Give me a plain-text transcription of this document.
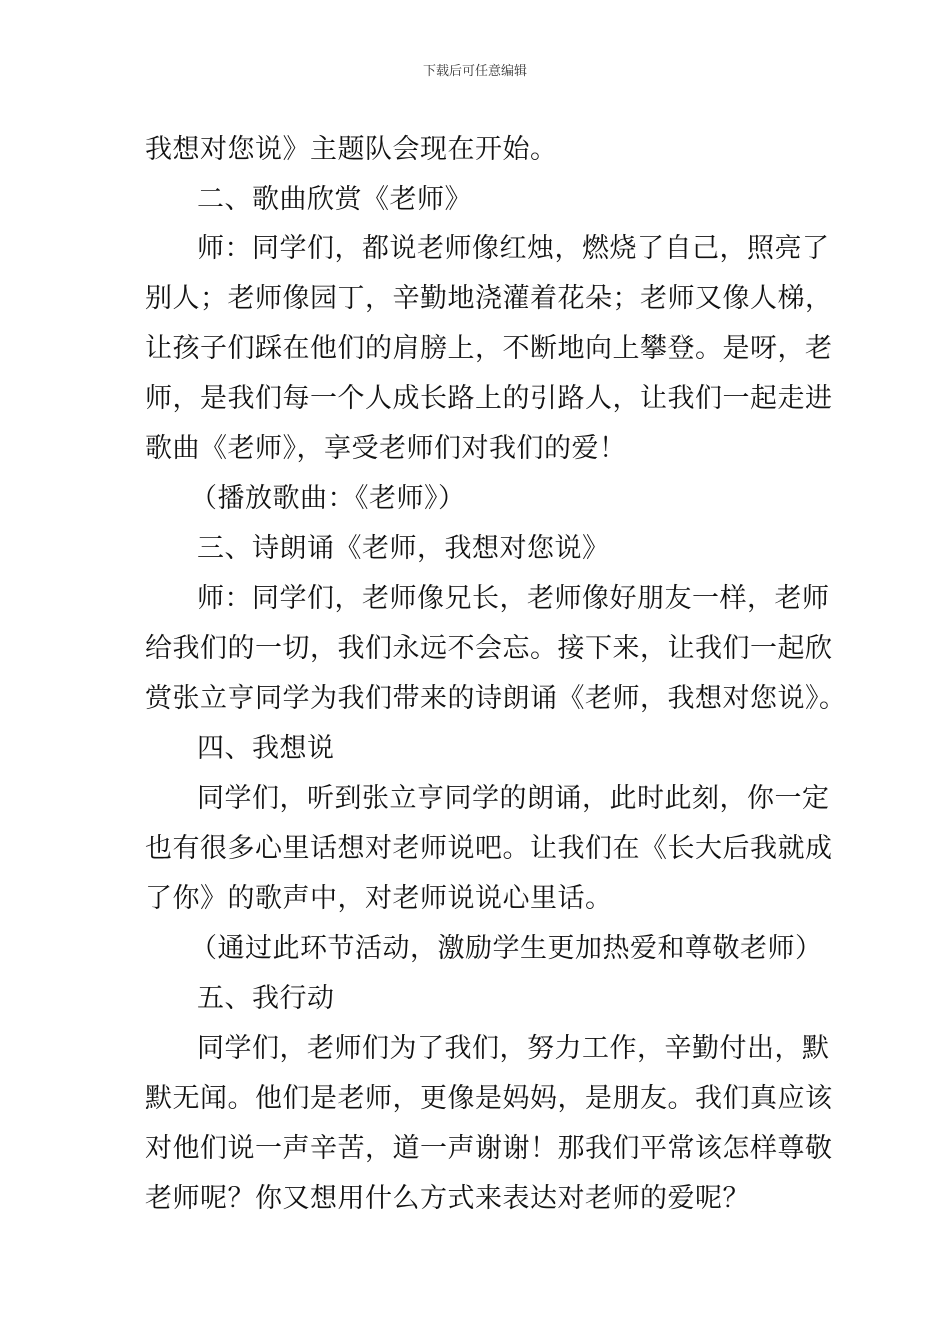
下载后可任意编辑
我想对您说》主题队会现在开始。
二、歌曲欣赏《老师》
师：同学们，都说老师像红烛，燃烧了自己，照亮了
别人；老师像园丁，辛勤地浇灌着花朵；老师又像人梯，
让孩子们踩在他们的肩膀上，不断地向上攀登。是呀，老
师，是我们每一个人成长路上的引路人，让我们一起走进
歌曲《老师》，享受老师们对我们的爱！
（播放歌曲：《老师》）
三、诗朗诵《老师，我想对您说》
师：同学们，老师像兄长，老师像好朋友一样，老师
给我们的一切，我们永远不会忘。接下来，让我们一起欣
赏张立亨同学为我们带来的诗朗诵《老师，我想对您说》。
四、我想说
同学们，听到张立亨同学的朗诵，此时此刻，你一定
也有很多心里话想对老师说吧。让我们在《长大后我就成
了你》的歌声中，对老师说说心里话。
（通过此环节活动，激励学生更加热爱和尊敬老师）
五、我行动
同学们，老师们为了我们，努力工作，辛勤付出，默
默无闻。他们是老师，更像是妈妈，是朋友。我们真应该
对他们说一声辛苦，道一声谢谢！那我们平常该怎样尊敬
老师呢？你又想用什么方式来表达对老师的爱呢？
